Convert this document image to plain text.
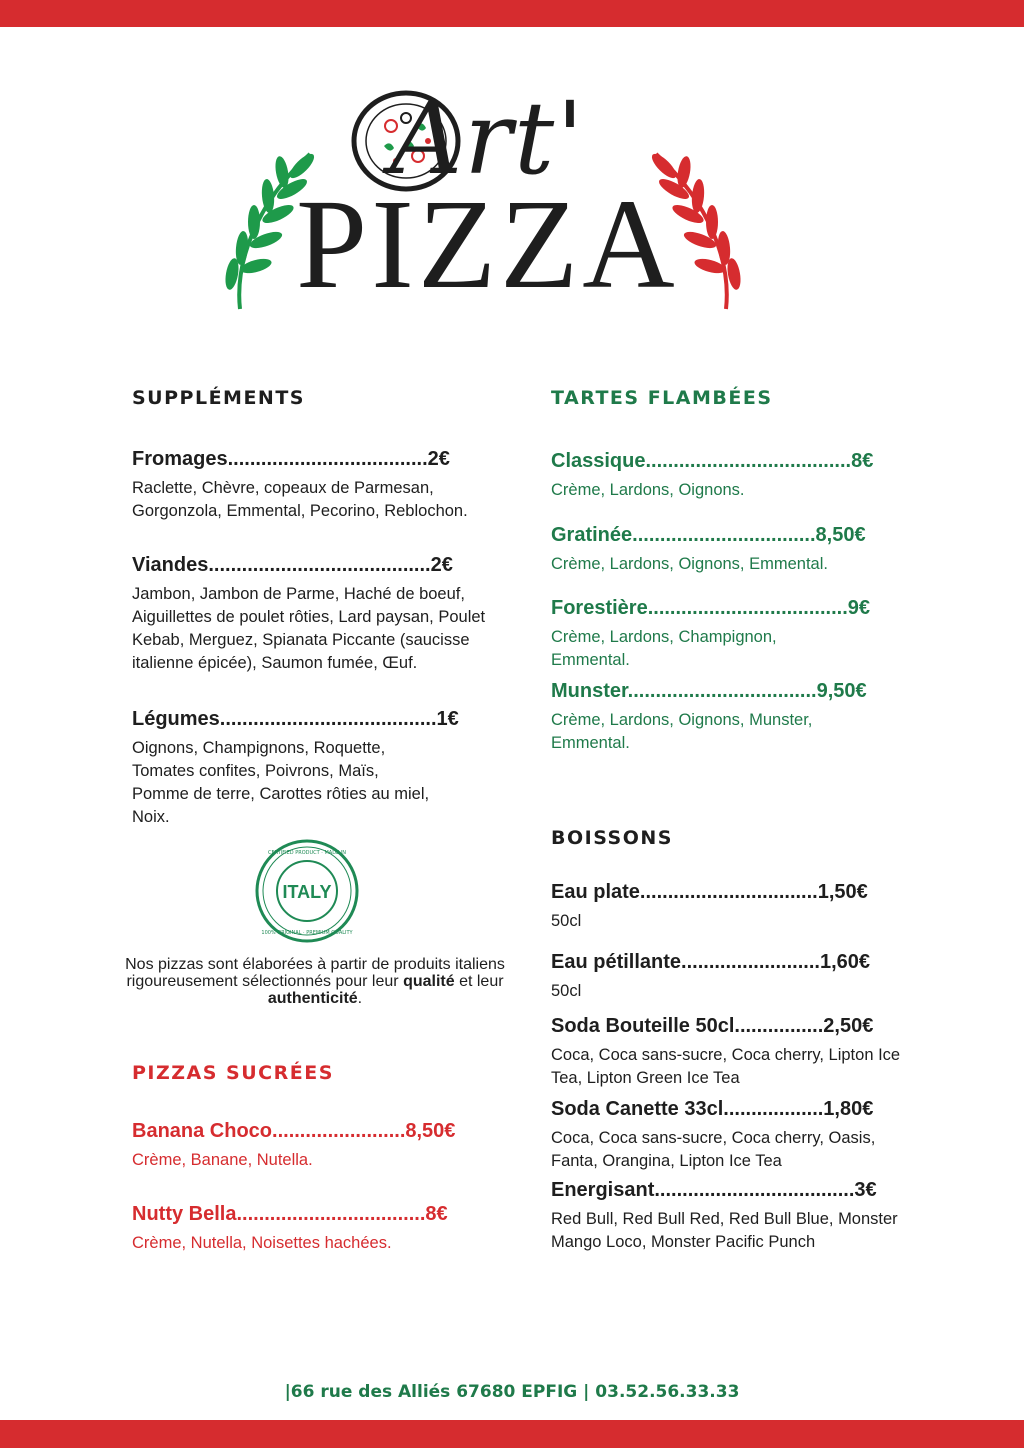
Art'
PIZZA
SUPPLÉMENTS

Fromages....................................2€

Raclette, Chèvre, copeaux de Parmesan, Gorgonzola, Emmental, Pecorino, Reblochon.

Viandes........................................2€

Jambon, Jambon de Parme, Haché de boeuf, Aiguillettes de poulet rôties, Lard paysan, Poulet Kebab, Merguez, Spianata Piccante (saucisse italienne épicée), Saumon fumée, Œuf.

Légumes.......................................1€

Oignons, Champignons, Roquette, Tomates confites, Poivrons, Maïs, Pomme de terre, Carottes rôties au miel, Noix.

ITALY
CERTIFIED PRODUCT · MADE IN
100% ORIGINAL · PREMIUM QUALITY
Nos pizzas sont élaborées à partir de produits italiens rigoureusement sélectionnés pour leur qualité et leur authenticité.
PIZZAS SUCRÉES

Banana Choco........................8,50€

Crème, Banane, Nutella.

Nutty Bella..................................8€

Crème, Nutella, Noisettes hachées.

TARTES FLAMBÉES

Classique.....................................8€

Crème, Lardons, Oignons.

Gratinée.................................8,50€

Crème, Lardons, Oignons, Emmental.

Forestière....................................9€

Crème, Lardons, Champignon, Emmental.

Munster..................................9,50€

Crème, Lardons, Oignons, Munster, Emmental.

BOISSONS

Eau plate................................1,50€

50cl

Eau pétillante.........................1,60€

50cl

Soda Bouteille 50cl................2,50€

Coca, Coca sans-sucre, Coca cherry, Lipton Ice Tea, Lipton Green Ice Tea

Soda Canette 33cl..................1,80€

Coca, Coca sans-sucre, Coca cherry, Oasis, Fanta, Orangina, Lipton Ice Tea

Energisant....................................3€

Red Bull, Red Bull Red, Red Bull Blue, Monster Mango Loco, Monster Pacific Punch

|66 rue des Alliés 67680 EPFIG | 03.52.56.33.33
